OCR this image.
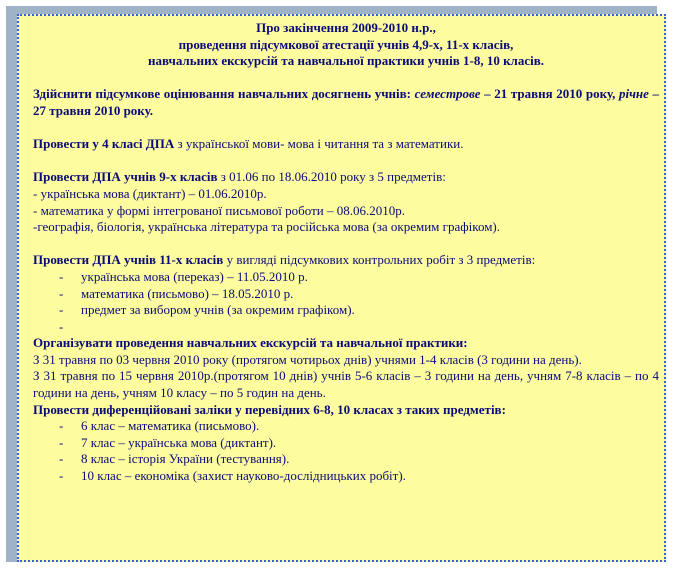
Про закінчення 2009-2010 н.р.,
проведення підсумкової атестації учнів 4,9-х, 11-х класів,
навчальних екскурсій та навчальної практики учнів 1-8, 10 класів.
Здійснити підсумкове оцінювання навчальних досягнень учнів: семестрове – 21 травня 2010 року, річне – 27 травня 2010 року.
Провести у 4 класі ДПА з української мови- мова і читання та з математики.
Провести ДПА учнів 9-х класів з 01.06 по 18.06.2010 року з 5 предметів:
- українська мова (диктант) – 01.06.2010р.
- математика у формі інтегрованої письмової роботи – 08.06.2010р.
-географія, біологія, українська література та російська мова (за окремим графіком).
Провести ДПА учнів 11-х класів у вигляді підсумкових контрольних робіт з 3 предметів:
- українська мова (переказ) – 11.05.2010 р.
- математика (письмово) – 18.05.2010 р.
- предмет за вибором учнів (за окремим графіком).
-
Організувати проведення навчальних екскурсій та навчальної практики:
З 31 травня по 03 червня 2010 року (протягом чотирьох днів) учнями 1-4 класів (3 години на день).
З 31 травня по 15 червня 2010р.(протягом 10 днів) учнів 5-6 класів – 3 години на день, учням 7-8 класів – по 4 години на день, учням 10 класу – по 5 годин на день.
Провести диференційовані заліки у перевідних 6-8, 10 класах з таких предметів:
- 6 клас – математика (письмово).
- 7 клас – українська мова (диктант).
- 8 клас – історія України (тестування).
- 10 клас – економіка (захист науково-дослідницьких робіт).
